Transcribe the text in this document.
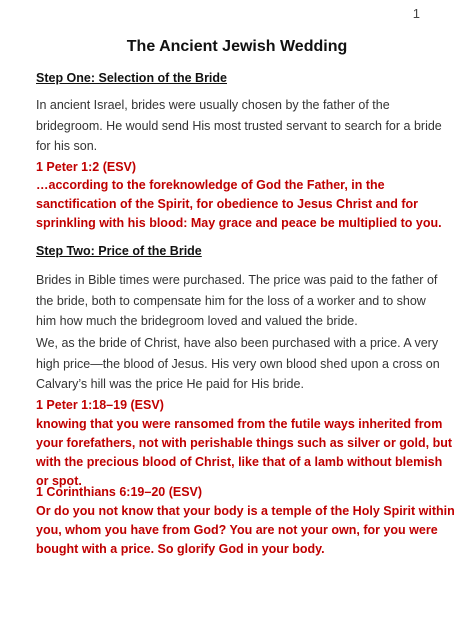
1
The Ancient Jewish Wedding
Step One: Selection of the Bride
In ancient Israel, brides were usually chosen by the father of the bridegroom. He would send His most trusted servant to search for a bride for his son.
1 Peter 1:2 (ESV)
…according to the foreknowledge of God the Father, in the sanctification of the Spirit, for obedience to Jesus Christ and for sprinkling with his blood: May grace and peace be multiplied to you.
Step Two: Price of the Bride
Brides in Bible times were purchased. The price was paid to the father of the bride, both to compensate him for the loss of a worker and to show him how much the bridegroom loved and valued the bride.
We, as the bride of Christ, have also been purchased with a price. A very high price—the blood of Jesus. His very own blood shed upon a cross on Calvary’s hill was the price He paid for His bride.
1 Peter 1:18–19 (ESV)
knowing that you were ransomed from the futile ways inherited from your forefathers, not with perishable things such as silver or gold, but with the precious blood of Christ, like that of a lamb without blemish or spot.
1 Corinthians 6:19–20 (ESV)
Or do you not know that your body is a temple of the Holy Spirit within you, whom you have from God? You are not your own, for you were bought with a price. So glorify God in your body.
